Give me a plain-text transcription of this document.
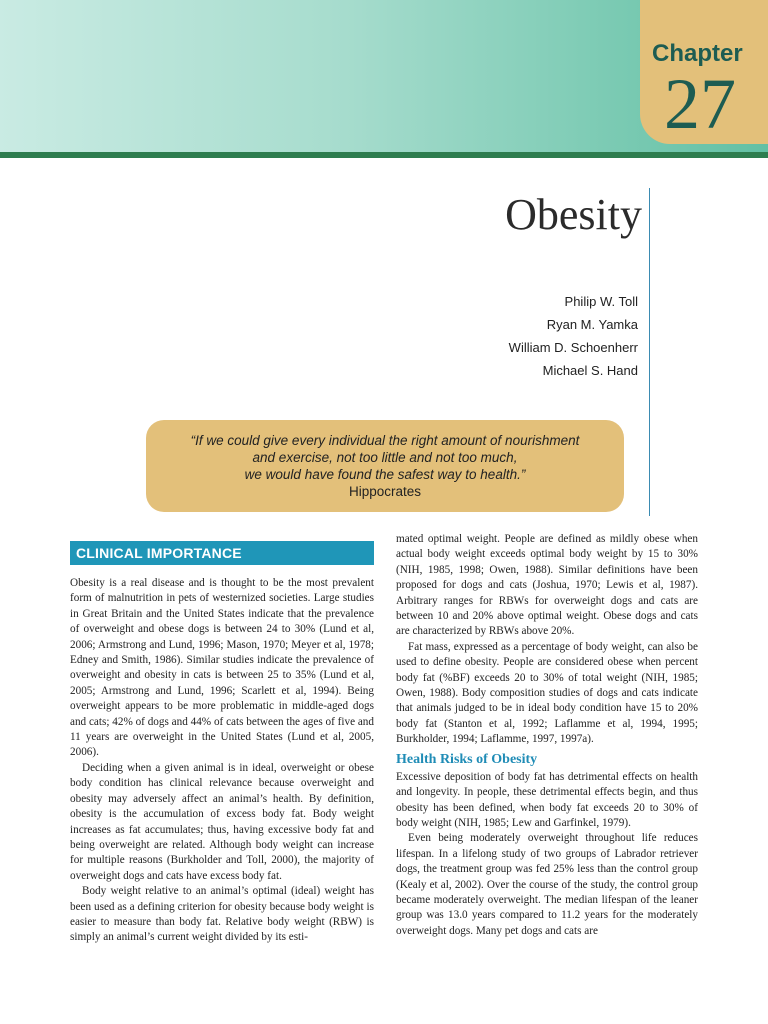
Chapter
27
Obesity
Philip W. Toll
Ryan M. Yamka
William D. Schoenherr
Michael S. Hand
“If we could give every individual the right amount of nourishment
and exercise, not too little and not too much,
we would have found the safest way to health.”
Hippocrates
CLINICAL IMPORTANCE

Obesity is a real disease and is thought to be the most prevalent form of malnutrition in pets of westernized societies. Large studies in Great Britain and the United States indicate that the prevalence of overweight and obese dogs is between 24 to 30% (Lund et al, 2006; Armstrong and Lund, 1996; Mason, 1970; Meyer et al, 1978; Edney and Smith, 1986). Similar studies indicate the prevalence of overweight and obesity in cats is between 25 to 35% (Lund et al, 2005; Armstrong and Lund, 1996; Scarlett et al, 1994). Being overweight appears to be more problematic in middle-aged dogs and cats; 42% of dogs and 44% of cats between the ages of five and 11 years are overweight in the United States (Lund et al, 2005, 2006).

Deciding when a given animal is in ideal, overweight or obese body condition has clinical relevance because overweight and obesity may adversely affect an animal’s health. By definition, obesity is the accumulation of excess body fat. Body weight increases as fat accumulates; thus, having excessive body fat and being overweight are related. Although body weight can increase for multiple reasons (Burkholder and Toll, 2000), the majority of overweight dogs and cats have excess body fat.

Body weight relative to an animal’s optimal (ideal) weight has been used as a defining criterion for obesity because body weight is easier to measure than body fat. Relative body weight (RBW) is simply an animal’s current weight divided by its esti-

mated optimal weight. People are defined as mildly obese when actual body weight exceeds optimal body weight by 15 to 30% (NIH, 1985, 1998; Owen, 1988). Similar definitions have been proposed for dogs and cats (Joshua, 1970; Lewis et al, 1987). Arbitrary ranges for RBWs for overweight dogs and cats are between 10 and 20% above optimal weight. Obese dogs and cats are characterized by RBWs above 20%.

Fat mass, expressed as a percentage of body weight, can also be used to define obesity. People are considered obese when percent body fat (%BF) exceeds 20 to 30% of total weight (NIH, 1985; Owen, 1988). Body composition studies of dogs and cats indicate that animals judged to be in ideal body condition have 15 to 20% body fat (Stanton et al, 1992; Laflamme et al, 1994, 1995; Burkholder, 1994; Laflamme, 1997, 1997a).

Health Risks of Obesity

Excessive deposition of body fat has detrimental effects on health and longevity. In people, these detrimental effects begin, and thus obesity has been defined, when body fat exceeds 20 to 30% of body weight (NIH, 1985; Lew and Garfinkel, 1979).

Even being moderately overweight throughout life reduces lifespan. In a lifelong study of two groups of Labrador retriever dogs, the treatment group was fed 25% less than the control group (Kealy et al, 2002). Over the course of the study, the control group became moderately overweight. The median lifespan of the leaner group was 13.0 years compared to 11.2 years for the moderately overweight dogs. Many pet dogs and cats are
